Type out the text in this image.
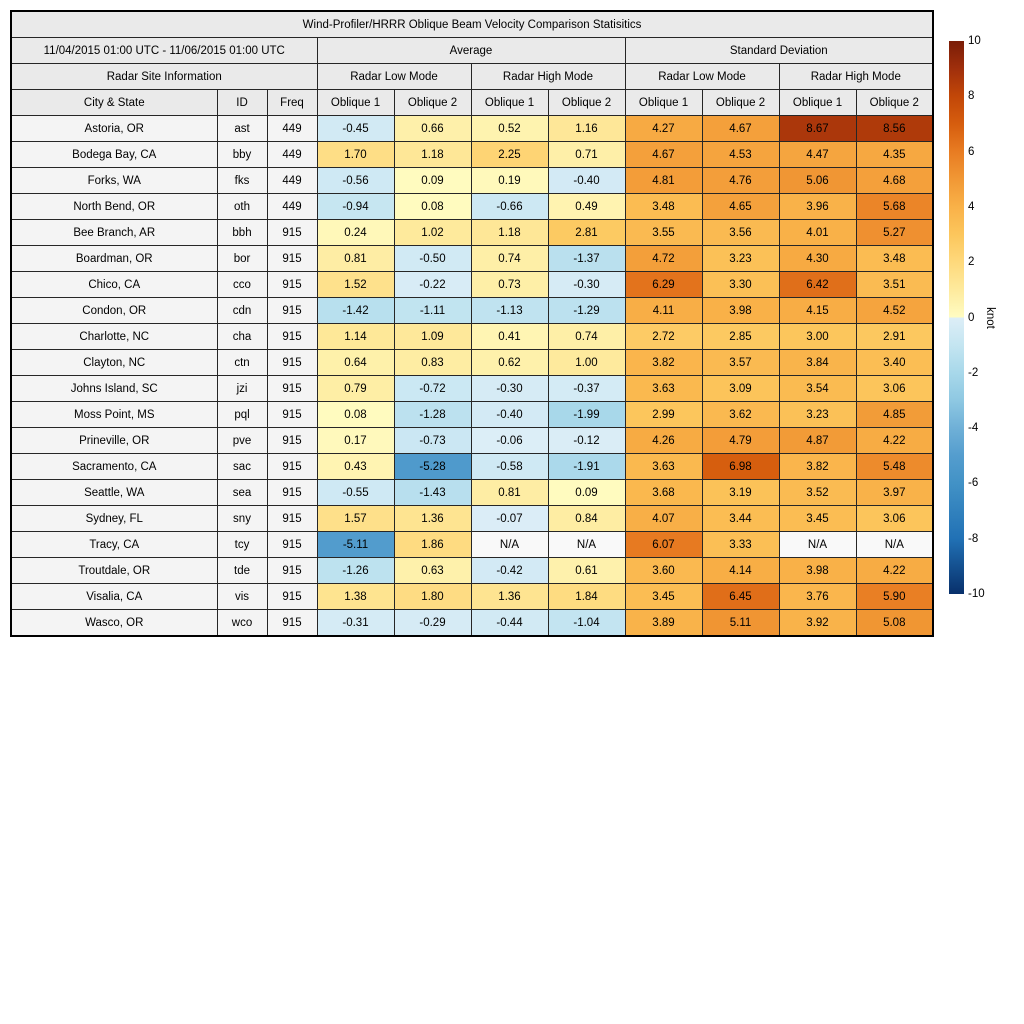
Wind-Profiler/HRRR Oblique Beam Velocity Comparison Statisitics										
11/04/2015 01:00 UTC - 11/06/2015 01:00 UTC			Average				Standard Deviation			
Radar Site Information			Radar Low Mode		Radar High Mode		Radar Low Mode		Radar High Mode	
City & State	ID	Freq	Oblique 1	Oblique 2	Oblique 1	Oblique 2	Oblique 1	Oblique 2	Oblique 1	Oblique 2
Astoria, OR	ast	449	-0.45	0.66	0.52	1.16	4.27	4.67	8.67	8.56
Bodega Bay, CA	bby	449	1.70	1.18	2.25	0.71	4.67	4.53	4.47	4.35
Forks, WA	fks	449	-0.56	0.09	0.19	-0.40	4.81	4.76	5.06	4.68
North Bend, OR	oth	449	-0.94	0.08	-0.66	0.49	3.48	4.65	3.96	5.68
Bee Branch, AR	bbh	915	0.24	1.02	1.18	2.81	3.55	3.56	4.01	5.27
Boardman, OR	bor	915	0.81	-0.50	0.74	-1.37	4.72	3.23	4.30	3.48
Chico, CA	cco	915	1.52	-0.22	0.73	-0.30	6.29	3.30	6.42	3.51
Condon, OR	cdn	915	-1.42	-1.11	-1.13	-1.29	4.11	3.98	4.15	4.52
Charlotte, NC	cha	915	1.14	1.09	0.41	0.74	2.72	2.85	3.00	2.91
Clayton, NC	ctn	915	0.64	0.83	0.62	1.00	3.82	3.57	3.84	3.40
Johns Island, SC	jzi	915	0.79	-0.72	-0.30	-0.37	3.63	3.09	3.54	3.06
Moss Point, MS	pql	915	0.08	-1.28	-0.40	-1.99	2.99	3.62	3.23	4.85
Prineville, OR	pve	915	0.17	-0.73	-0.06	-0.12	4.26	4.79	4.87	4.22
Sacramento, CA	sac	915	0.43	-5.28	-0.58	-1.91	3.63	6.98	3.82	5.48
Seattle, WA	sea	915	-0.55	-1.43	0.81	0.09	3.68	3.19	3.52	3.97
Sydney, FL	sny	915	1.57	1.36	-0.07	0.84	4.07	3.44	3.45	3.06
Tracy, CA	tcy	915	-5.11	1.86	N/A	N/A	6.07	3.33	N/A	N/A
Troutdale, OR	tde	915	-1.26	0.63	-0.42	0.61	3.60	4.14	3.98	4.22
Visalia, CA	vis	915	1.38	1.80	1.36	1.84	3.45	6.45	3.76	5.90
Wasco, OR	wco	915	-0.31	-0.29	-0.44	-1.04	3.89	5.11	3.92	5.08
10
8
6
4
2
0
-2
-4
-6
-8
-10
knot
